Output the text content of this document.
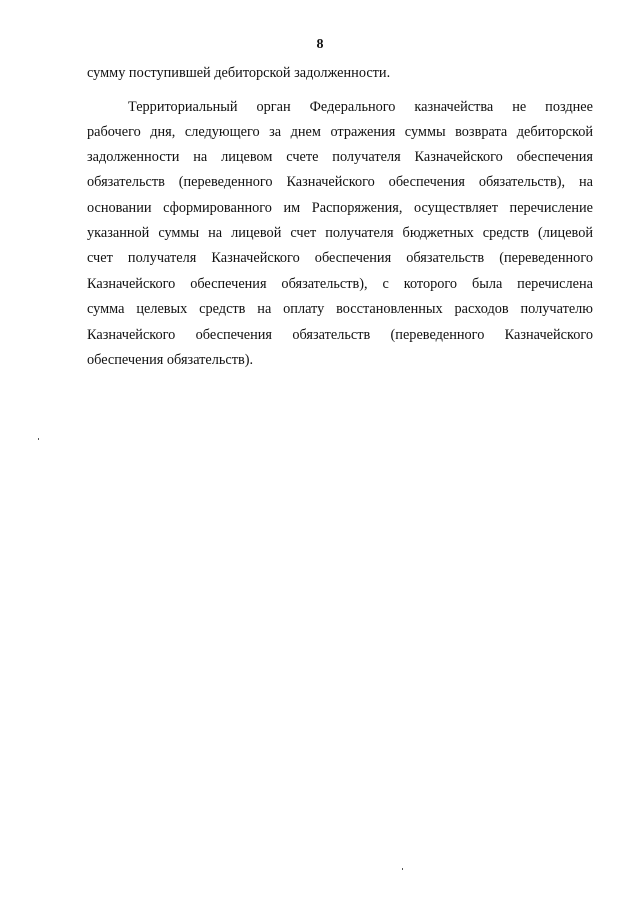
8
сумму поступившей дебиторской задолженности.
Территориальный орган Федерального казначейства не позднее
рабочего дня, следующего за днем отражения суммы возврата дебиторской
задолженности на лицевом счете получателя Казначейского обеспечения
обязательств (переведенного Казначейского обеспечения обязательств), на
основании сформированного им Распоряжения, осуществляет перечисление
указанной суммы на лицевой счет получателя бюджетных средств (лицевой
счет получателя Казначейского обеспечения обязательств (переведенного
Казначейского обеспечения обязательств), с которого была перечислена
сумма целевых средств на оплату восстановленных расходов получателю
Казначейского обеспечения обязательств (переведенного Казначейского
обеспечения обязательств).
